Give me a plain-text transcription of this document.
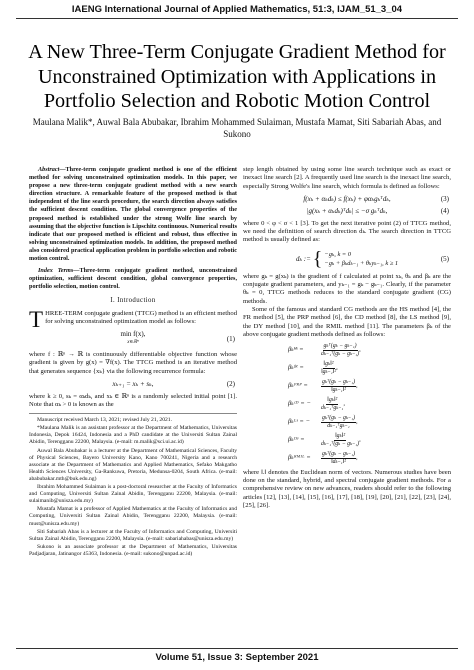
IAENG International Journal of Applied Mathematics, 51:3, IJAM_51_3_04
A New Three-Term Conjugate Gradient Method for Unconstrained Optimization with Applications in Portfolio Selection and Robotic Motion Control
Maulana Malik*, Auwal Bala Abubakar, Ibrahim Mohammed Sulaiman, Mustafa Mamat, Siti Sabariah Abas, and Sukono

Abstract—Three-term conjugate gradient method is one of the efficient method for solving unconstrained optimization models. In this paper, we propose a new three-term conjugate gradient method with a new search direction structure. A remarkable feature of the proposed method is that independent of the line search procedure, the search direction always satisfies the sufficient descent condition. The global convergence properties of the proposed method is established under the strong Wolfe line search by assuming that the objective function is Lipschitz continuous. Numerical results indicate that our proposed method is efficient and robust, thus effective in solving unconstrained optimization models. In addition, the proposed method also considered practical application problem in portfolio selection and robotic motion control.

Index Terms—Three-term conjugate gradient method, unconstrained optimization, sufficient descent condition, global convergence properties, portfolio selection, motion control.

I. Introduction

THREE-TERM conjugate gradient (TTCG) method is an efficient method for solving unconstrained optimization model as follows:

min f(x),
x∈ℝⁿ	(1)

where f : ℝⁿ → ℝ is continuously differentiable objective function whose gradient is given by g(x) = ∇f(x). The TTCG method is an iterative method that generates sequence {xₖ} via the following recurrence formula:

xₖ₊₁ = xₖ + sₖ,	(2)

where k ≥ 0, sₖ = αₖdₖ, and xₖ ∈ ℝⁿ is a randomly selected initial point [1]. Note that αₖ > 0 is known as the

Manuscript received March 13, 2021; revised July 21, 2021.

*Maulana Malik is an assistant professor at the Department of Mathematics, Universitas Indonesia, Depok 16424, Indonesia and a PhD candidate at the Universiti Sultan Zainal Abidin, Terengganu 22200, Malaysia. (e-mail: m.malik@sci.ui.ac.id)

Auwal Bala Abubakar is a lecturer at the Department of Mathematical Sciences, Faculty of Physical Sciences, Bayero University Kano, Kano 700241, Nigeria and a research associate at the Department of Mathematics and Applied Mathematics, Sefako Makgatho Health Sciences University, Ga-Rankuwa, Pretoria, Medunsa-0204, South Africa. (e-mail: ababubakar.mth@buk.edu.ng)

Ibrahim Mohammed Sulaiman is a post-doctoral researcher at the Faculty of Informatics and Computing, Universiti Sultan Zainal Abidin, Terengganu 22200, Malaysia. (e-mail: sulaimanib@unisza.edu.my)

Mustafa Mamat is a professor of Applied Mathematics at the Faculty of Informatics and Computing, Universiti Sultan Zainal Abidin, Terengganu 22200, Malaysia. (e-mail: must@unisza.edu.my)

Siti Sabariah Abas is a lecturer at the Faculty of Informatics and Computing, Universiti Sultan Zainal Abidin, Terengganu 22200, Malaysia. (e-mail: sabariahabas@unisza.edu.my)

Sukono is an associate professor at the Department of Mathematics, Universitas Padjadjaran, Jatinangor 45363, Indonesia. (e-mail: sukono@unpad.ac.id)

step length obtained by using some line search technique such as exact or inexact line search [2]. A frequently used line search is the inexact line search, especially Strong Wolfe's line search, which formula is defined as follows:

f(xₖ + αₖdₖ) ≤ f(xₖ) + φαₖgₖᵀdₖ,	(3)
|g(xₖ + αₖdₖ)ᵀdₖ| ≤ −σ gₖᵀdₖ,	(4)

where 0 < φ < σ < 1 [3]. To get the next iterative point (2) of TTCG method, we need the definition of search direction dₖ. The search direction in TTCG method is usually defined as:

dₖ := { −gₖ, k = 0
−gₖ + βₖdₖ₋₁ + θₖyₖ₋₁, k ≥ 1
(5)

where gₖ = g(xₖ) is the gradient of f calculated at point xₖ, θₖ and βₖ are the conjugate gradient parameters, and yₖ₋₁ = gₖ − gₖ₋₁. Clearly, if the parameter θₖ = 0, TTCG methods reduces to the standard conjugate gradient (CG) methods.

Some of the famous and standard CG methods are the HS method [4], the FR method [5], the PRP method [6], the CD method [8], the LS method [9], the DY method [10], and the RMIL method [11]. The parameters βₖ of the above conjugate gradient methods defined as follows:

βₖᴴˢ =	$\frac{\text{gₖᵀ(gₖ − gₖ₋₁)}}{\text{dₖ₋₁ᵀ(gₖ − gₖ₋₁)}}$ ,
βₖᶠᴿ =	$\frac{\text{‖gₖ‖²}}{\text{‖gₖ₋₁‖²}}$ ,
βₖᴾᴿᴾ =	$\frac{\text{gₖᵀ(gₖ − gₖ₋₁)}}{\text{‖gₖ₋₁‖²}}$ ,
βₖᶜᴰ = −	$\frac{\text{‖gₖ‖²}}{\text{dₖ₋₁ᵀgₖ₋₁}}$ ,
βₖᴸˢ = −	$\frac{\text{gₖᵀ(gₖ − gₖ₋₁)}}{\text{dₖ₋₁ᵀgₖ₋₁}}$ ,
βₖᴰʸ =	$\frac{\text{‖gₖ‖²}}{\text{dₖ₋₁ᵀ(gₖ − gₖ₋₁)}}$ ,
βₖᴿᴹᴵᴸ =	$\frac{\text{gₖᵀ(gₖ − gₖ₋₁)}}{\text{‖dₖ₋₁‖²}}$ ,

where ‖.‖ denotes the Euclidean norm of vectors. Numerous studies have been done on the standard, hybrid, and spectral conjugate gradient methods. For a comprehensive review on new advances, readers should refer to the following articles [12], [13], [14], [15], [16], [17], [18], [19], [20], [21], [22], [23], [24], [25], [26].

Volume 51, Issue 3: September 2021
